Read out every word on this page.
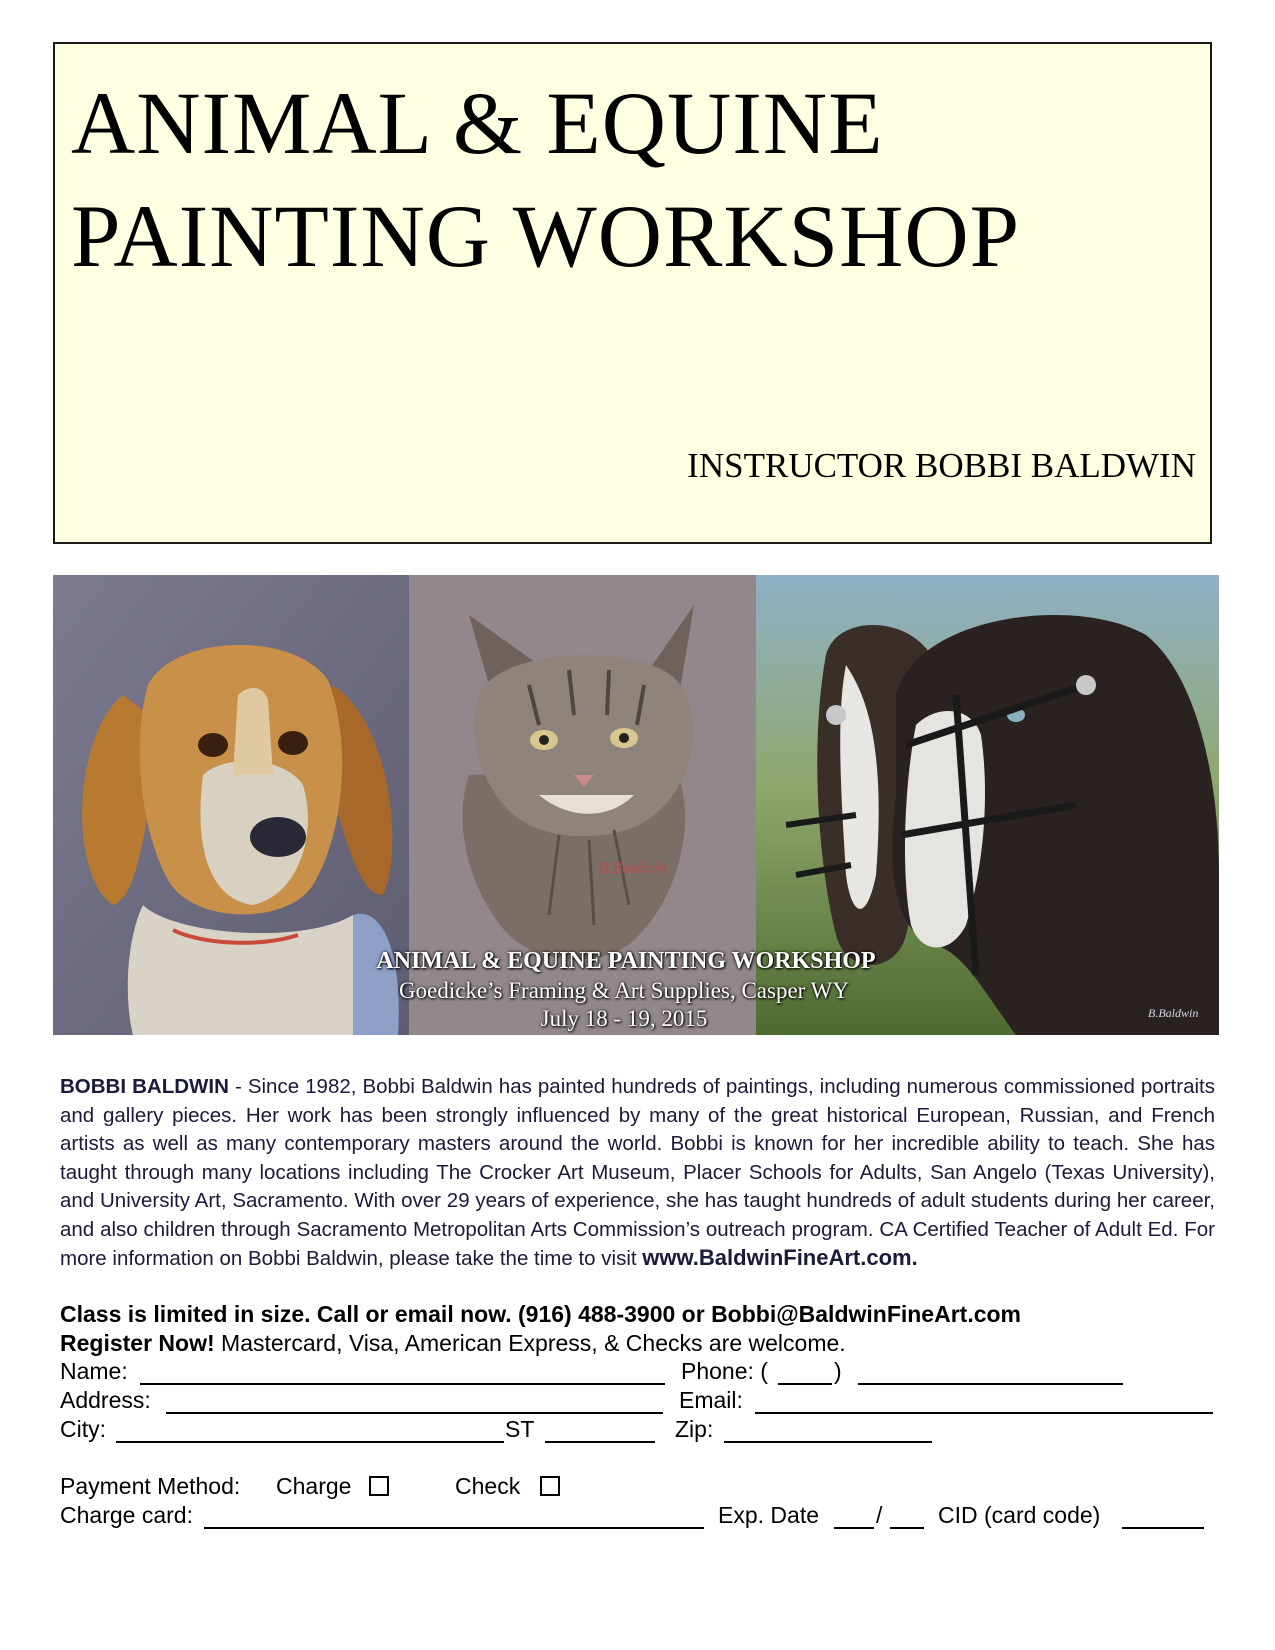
ANIMAL & EQUINE
PAINTING WORKSHOP
INSTRUCTOR BOBBI BALDWIN
B.Baldwin
B.Baldwin
ANIMAL & EQUINE PAINTING WORKSHOP
Goedicke’s Framing & Art Supplies, Casper WY
July 18 - 19, 2015
BOBBI BALDWIN - Since 1982, Bobbi Baldwin has painted hundreds of paintings, including numerous commissioned portraits and gallery pieces. Her work has been strongly influenced by many of the great historical European, Russian, and French artists as well as many contemporary masters around the world. Bobbi is known for her incredible ability to teach. She has taught through many locations including The Crocker Art Museum, Placer Schools for Adults, San Angelo (Texas University), and University Art, Sacramento. With over 29 years of experience, she has taught hundreds of adult students during her career, and also children through Sacramento Metropolitan Arts Commission’s outreach program. CA Certified Teacher of Adult Ed. For more information on Bobbi Baldwin, please take the time to visit www.BaldwinFineArt.com.
Class is limited in size. Call or email now. (916) 488-3900 or Bobbi@BaldwinFineArt.com
Register Now! Mastercard, Visa, American Express, & Checks are welcome.
Name:	Phone: (	)
Address:	Email:
City:	ST	Zip:
Payment Method: Charge	Check
Charge card:	Exp. Date / CID (card code)
